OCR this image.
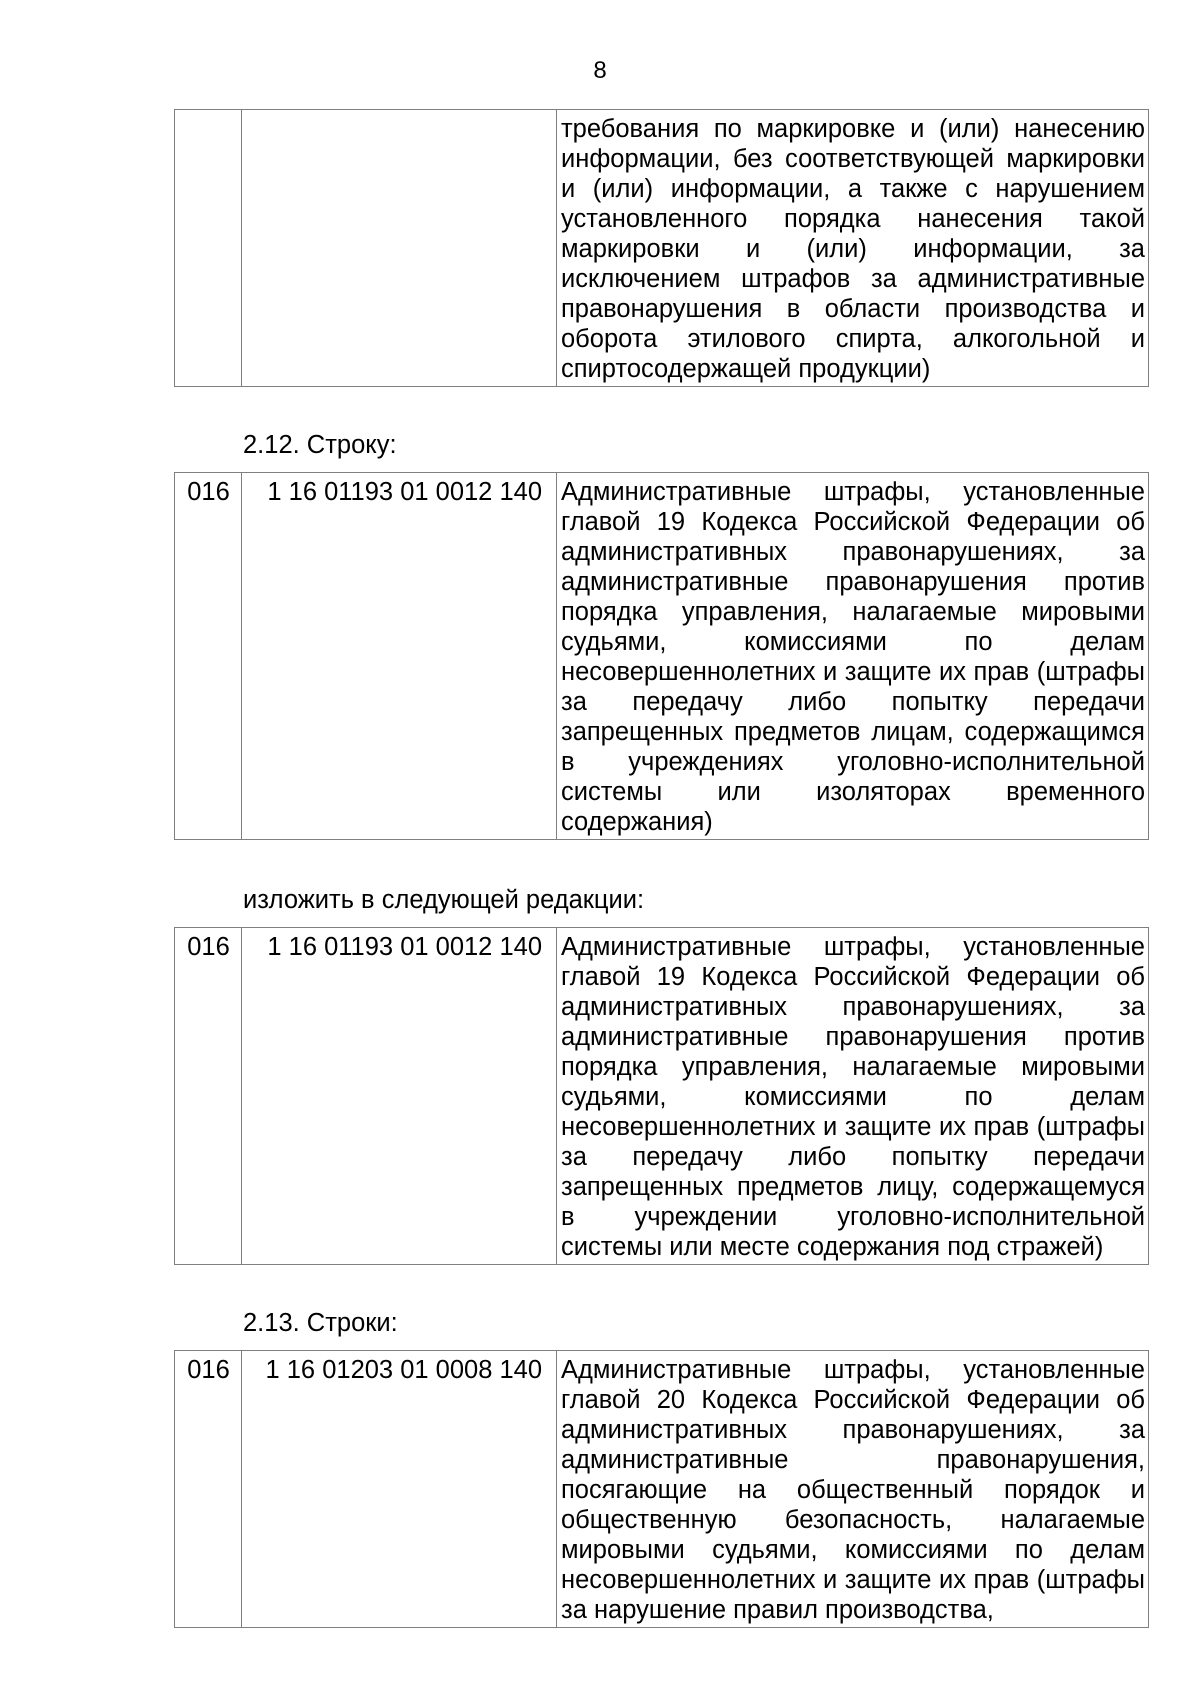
8
		требования по маркировке и (или) нанесению информации, без соответствующей маркировки и (или) информации, а также с нарушением установленного порядка нанесения такой маркировки и (или) информации, за исключением штрафов за административные правонарушения в области производства и оборота этилового спирта, алкогольной и спиртосодержащей продукции)
2.12. Строку:
016	1 16 01193 01 0012 140	Административные штрафы, установленные главой 19 Кодекса Российской Федерации об административных правонарушениях, за административные правонарушения против порядка управления, налагаемые мировыми судьями, комиссиями по делам несовершеннолетних и защите их прав (штрафы за передачу либо попытку передачи запрещенных предметов лицам, содержащимся в учреждениях уголовно-исполнительной системы или изоляторах временного содержания)
изложить в следующей редакции:
016	1 16 01193 01 0012 140	Административные штрафы, установленные главой 19 Кодекса Российской Федерации об административных правонарушениях, за административные правонарушения против порядка управления, налагаемые мировыми судьями, комиссиями по делам несовершеннолетних и защите их прав (штрафы за передачу либо попытку передачи запрещенных предметов лицу, содержащемуся в учреждении уголовно-исполнительной системы или месте содержания под стражей)
2.13. Строки:
016	1 16 01203 01 0008 140	Административные штрафы, установленные главой 20 Кодекса Российской Федерации об административных правонарушениях, за административные правонарушения, посягающие на общественный порядок и общественную безопасность, налагаемые мировыми судьями, комиссиями по делам несовершеннолетних и защите их прав (штрафы за нарушение правил производства,
